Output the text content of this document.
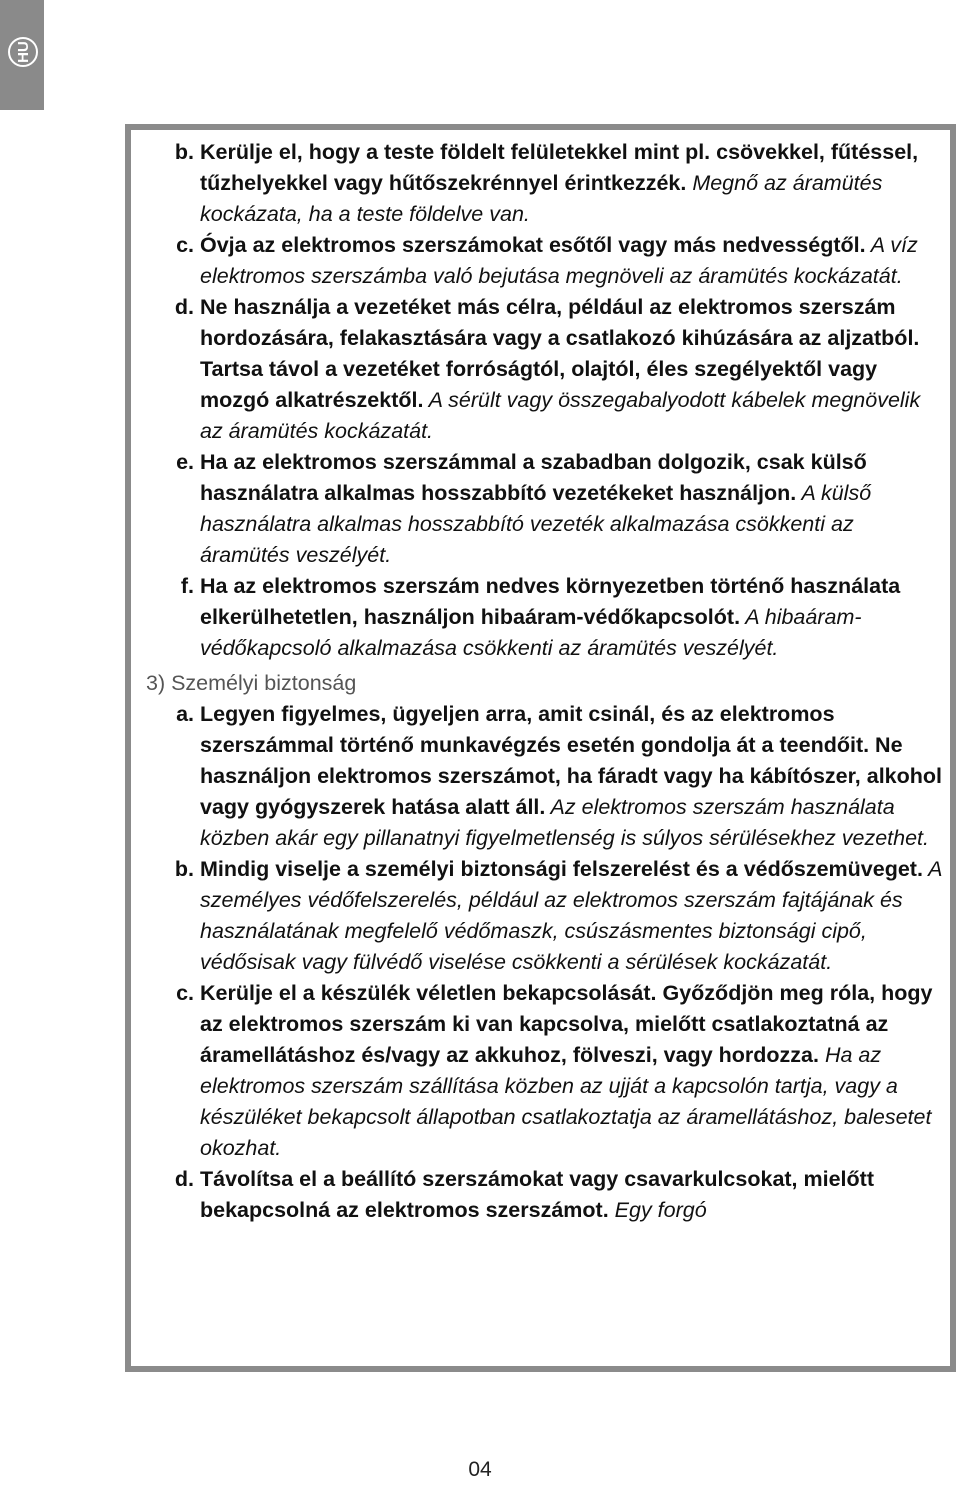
HU
b. Kerülje el, hogy a teste földelt felületekkel mint pl. csövekkel, fűtéssel, tűzhelyekkel vagy hűtőszekrénnyel érintkezzék. Megnő az áramütés kockázata, ha a teste földelve van.
c. Óvja az elektromos szerszámokat esőtől vagy más nedvességtől. A víz elektromos szerszámba való bejutása megnöveli az áramütés kockázatát.
d. Ne használja a vezetéket más célra, például az elektromos szerszám hordozására, felakasztására vagy a csatlakozó kihúzására az aljzatból. Tartsa távol a vezetéket forróságtól, olajtól, éles szegélyektől vagy mozgó alkatrészektől. A sérült vagy összegabalyodott kábelek megnövelik az áramütés kockázatát.
e. Ha az elektromos szerszámmal a szabadban dolgozik, csak külső használatra alkalmas hosszabbító vezetékeket használjon. A külső használatra alkalmas hosszabbító vezeték alkalmazása csökkenti az áramütés veszélyét.
f. Ha az elektromos szerszám nedves környezetben történő használata elkerülhetetlen, használjon hibaáram-védőkapcsolót. A hibaáram-védőkapcsoló alkalmazása csökkenti az áramütés veszélyét.
3) Személyi biztonság
a. Legyen figyelmes, ügyeljen arra, amit csinál, és az elektromos szerszámmal történő munkavégzés esetén gondolja át a teendőit. Ne használjon elektromos szerszámot, ha fáradt vagy ha kábítószer, alkohol vagy gyógyszerek hatása alatt áll. Az elektromos szerszám használata közben akár egy pillanatnyi figyelmetlenség is súlyos sérülésekhez vezethet.
b. Mindig viselje a személyi biztonsági felszerelést és a védőszemüveget. A személyes védőfelszerelés, például az elektromos szerszám fajtájának és használatának megfelelő védőmaszk, csúszásmentes biztonsági cipő, védősisak vagy fülvédő viselése csökkenti a sérülések kockázatát.
c. Kerülje el a készülék véletlen bekapcsolását. Győződjön meg róla, hogy az elektromos szerszám ki van kapcsolva, mielőtt csatlakoztatná az áramellátáshoz és/vagy az akkuhoz, fölveszi, vagy hordozza. Ha az elektromos szerszám szállítása közben az ujját a kapcsolón tartja, vagy a készüléket bekapcsolt állapotban csatlakoztatja az áramellátáshoz, balesetet okozhat.
d. Távolítsa el a beállító szerszámokat vagy csavarkulcsokat, mielőtt bekapcsolná az elektromos szerszámot. Egy forgó
04
